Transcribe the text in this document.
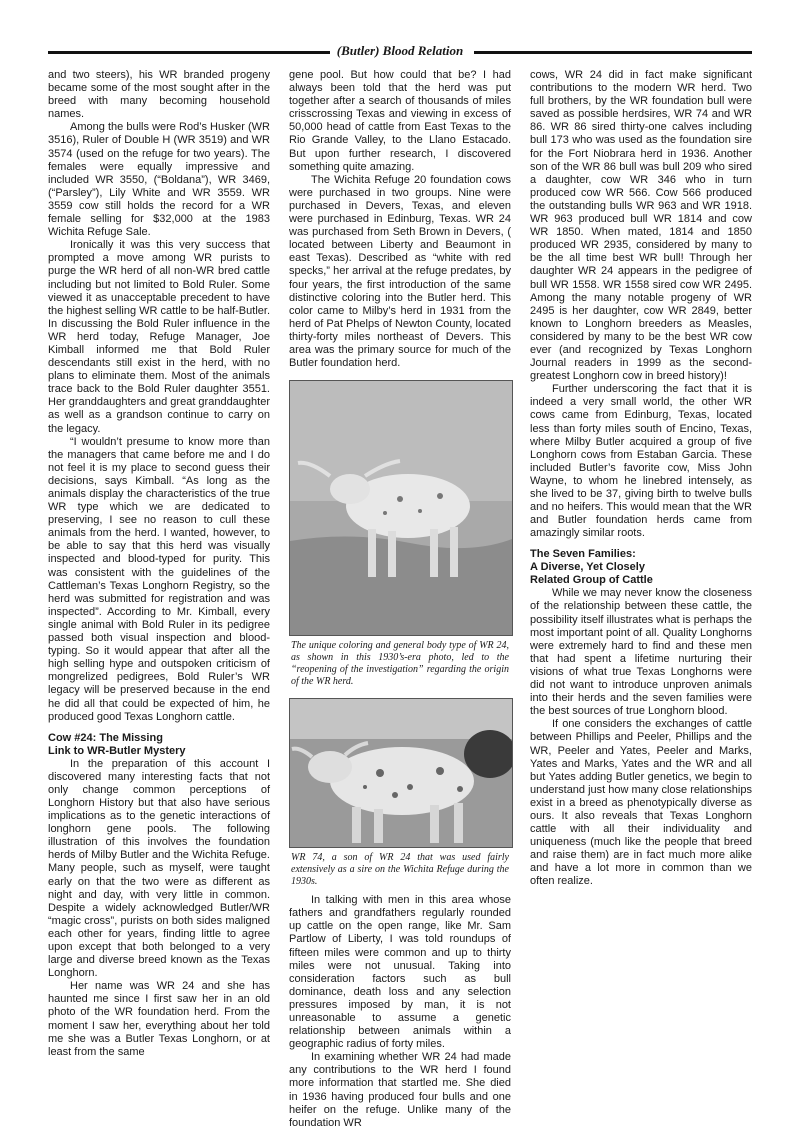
(Butler) Blood Relation

and two steers), his WR branded progeny became some of the most sought after in the breed with many becoming household names.

Among the bulls were Rod’s Husker (WR 3516), Ruler of Double H (WR 3519) and WR 3574 (used on the refuge for two years). The females were equally impressive and included WR 3550, (“Boldana”), WR 3469, (“Parsley”), Lily White and WR 3559. WR 3559 cow still holds the record for a WR female selling for $32,000 at the 1983 Wichita Refuge Sale.

Ironically it was this very success that prompted a move among WR purists to purge the WR herd of all non-WR bred cattle including but not limited to Bold Ruler. Some viewed it as unacceptable precedent to have the highest selling WR cattle to be half-Butler. In discussing the Bold Ruler influence in the WR herd today, Refuge Manager, Joe Kimball informed me that Bold Ruler descendants still exist in the herd, with no plans to eliminate them. Most of the animals trace back to the Bold Ruler daughter 3551. Her granddaughters and great granddaughter as well as a grandson continue to carry on the legacy.

“I wouldn’t presume to know more than the managers that came before me and I do not feel it is my place to second guess their decisions, says Kimball. “As long as the animals display the characteristics of the true WR type which we are dedicated to preserving, I see no reason to cull these animals from the herd. I wanted, however, to be able to say that this herd was visually inspected and blood-typed for purity. This was consistent with the guidelines of the Cattleman’s Texas Longhorn Registry, so the herd was submitted for registration and was inspected”. According to Mr. Kimball, every single animal with Bold Ruler in its pedigree passed both visual inspection and blood-typing. So it would appear that after all the high selling hype and outspoken criticism of mongrelized pedigrees, Bold Ruler’s WR legacy will be preserved because in the end he did all that could be expected of him, he produced good Texas Longhorn cattle.

Cow #24: The Missing
Link to WR-Butler Mystery

In the preparation of this account I discovered many interesting facts that not only change common perceptions of Longhorn History but that also have serious implications as to the genetic interactions of longhorn gene pools. The following illustration of this involves the foundation herds of Milby Butler and the Wichita Refuge. Many people, such as myself, were taught early on that the two were as different as night and day, with very little in common. Despite a widely acknowledged Butler/WR “magic cross”, purists on both sides maligned each other for years, finding little to agree upon except that both belonged to a very large and diverse breed known as the Texas Longhorn.

Her name was WR 24 and she has haunted me since I first saw her in an old photo of the WR foundation herd. From the moment I saw her, everything about her told me she was a Butler Texas Longhorn, or at least from the same

gene pool. But how could that be? I had always been told that the herd was put together after a search of thousands of miles crisscrossing Texas and viewing in excess of 50,000 head of cattle from East Texas to the Rio Grande Valley, to the Llano Estacado. But upon further research, I discovered something quite amazing.

The Wichita Refuge 20 foundation cows were purchased in two groups. Nine were purchased in Devers, Texas, and eleven were purchased in Edinburg, Texas. WR 24 was purchased from Seth Brown in Devers, ( located between Liberty and Beaumont in east Texas). Described as “white with red specks,” her arrival at the refuge predates, by four years, the first introduction of the same distinctive coloring into the Butler herd. This color came to Milby’s herd in 1931 from the herd of Pat Phelps of Newton County, located thirty-forty miles northeast of Devers. This area was the primary source for much of the Butler foundation herd.

The unique coloring and general body type of WR 24, as shown in this 1930’s-era photo, led to the “reopening of the investigation” regarding the origin of the WR herd.
WR 74, a son of WR 24 that was used fairly extensively as a sire on the Wichita Refuge during the 1930s.

In talking with men in this area whose fathers and grandfathers regularly rounded up cattle on the open range, like Mr. Sam Partlow of Liberty, I was told roundups of fifteen miles were common and up to thirty miles were not unusual. Taking into consideration factors such as bull dominance, death loss and any selection pressures imposed by man, it is not unreasonable to assume a genetic relationship between animals within a geographic radius of forty miles.

In examining whether WR 24 had made any contributions to the WR herd I found more information that startled me. She died in 1936 having produced four bulls and one heifer on the refuge. Unlike many of the foundation WR

cows, WR 24 did in fact make significant contributions to the modern WR herd. Two full brothers, by the WR foundation bull were saved as possible herdsires, WR 74 and WR 86. WR 86 sired thirty-one calves including bull 173 who was used as the foundation sire for the Fort Niobrara herd in 1936. Another son of the WR 86 bull was bull 209 who sired a daughter, cow WR 346 who in turn produced cow WR 566. Cow 566 produced the outstanding bulls WR 963 and WR 1918. WR 963 produced bull WR 1814 and cow WR 1850. When mated, 1814 and 1850 produced WR 2935, considered by many to be the all time best WR bull! Through her daughter WR 24 appears in the pedigree of bull WR 1558. WR 1558 sired cow WR 2495. Among the many notable progeny of WR 2495 is her daughter, cow WR 2849, better known to Longhorn breeders as Measles, considered by many to be the best WR cow ever (and recognized by Texas Longhorn Journal readers in 1999 as the second-greatest Longhorn cow in breed history)!

Further underscoring the fact that it is indeed a very small world, the other WR cows came from Edinburg, Texas, located less than forty miles south of Encino, Texas, where Milby Butler acquired a group of five Longhorn cows from Estaban Garcia. These included Butler’s favorite cow, Miss John Wayne, to whom he linebred intensely, as she lived to be 37, giving birth to twelve bulls and no heifers. This would mean that the WR and Butler foundation herds came from amazingly similar roots.

The Seven Families:
A Diverse, Yet Closely
Related Group of Cattle

While we may never know the closeness of the relationship between these cattle, the possibility itself illustrates what is perhaps the most important point of all. Quality Longhorns were extremely hard to find and these men that had spent a lifetime nurturing their visions of what true Texas Longhorns were did not want to introduce unproven animals into their herds and the seven families were the best sources of true Longhorn blood.

If one considers the exchanges of cattle between Phillips and Peeler, Phillips and the WR, Peeler and Yates, Peeler and Marks, Yates and Marks, Yates and the WR and all but Yates adding Butler genetics, we begin to understand just how many close relationships exist in a breed as phenotypically diverse as ours. It also reveals that Texas Longhorn cattle with all their individuality and uniqueness (much like the people that breed and raise them) are in fact much more alike and have a lot more in common than we often realize.
